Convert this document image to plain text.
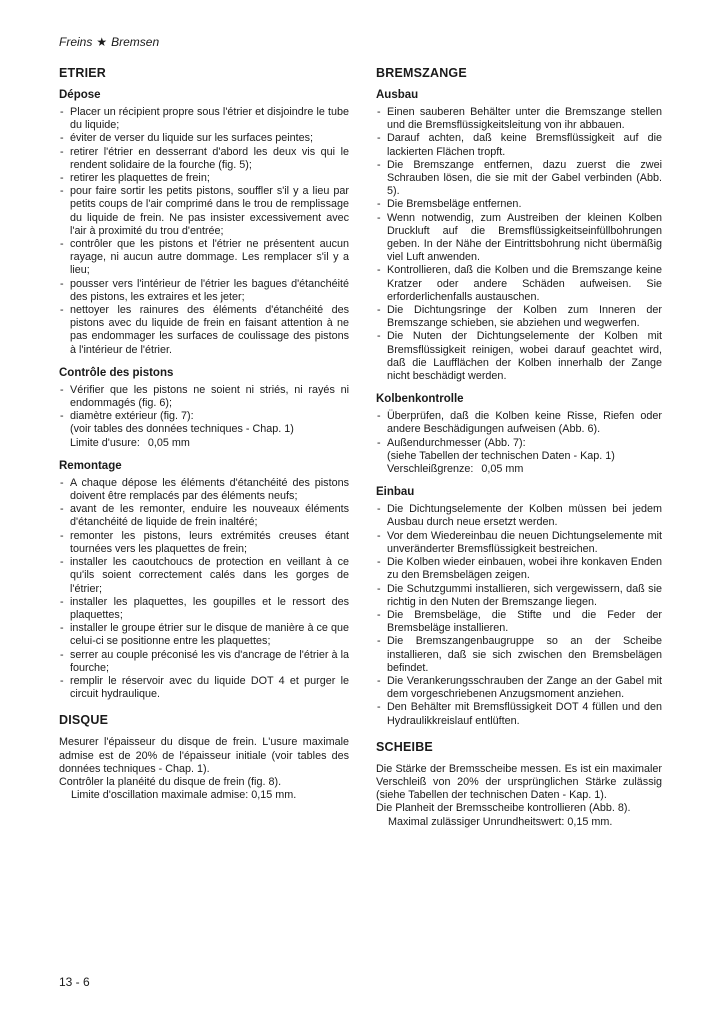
Freins ★ Bremsen
ETRIER
Dépose
- Placer un récipient propre sous l'étrier et disjoindre le tube du liquide;
- éviter de verser du liquide sur les surfaces peintes;
- retirer l'étrier en desserrant d'abord les deux vis qui le rendent solidaire de la fourche (fig. 5);
- retirer les plaquettes de frein;
- pour faire sortir les petits pistons, souffler s'il y a lieu par petits coups de l'air comprimé dans le trou de remplissage du liquide de frein. Ne pas insister excessivement avec l'air à proximité du trou d'entrée;
- contrôler que les pistons et l'étrier ne présentent aucun rayage, ni aucun autre dommage. Les remplacer s'il y a lieu;
- pousser vers l'intérieur de l'étrier les bagues d'étanchéité des pistons, les extraires et les jeter;
- nettoyer les rainures des éléments d'étanchéité des pistons avec du liquide de frein en faisant attention à ne pas endommager les surfaces de coulissage des pistons à l'intérieur de l'étrier.
Contrôle des pistons
- Vérifier que les pistons ne soient ni striés, ni rayés ni endommagés (fig. 6);
- diamètre extérieur (fig. 7):
(voir tables des données techniques - Chap. 1)
Limite d'usure: 0,05 mm
Remontage
- A chaque dépose les éléments d'étanchéité des pistons doivent être remplacés par des éléments neufs;
- avant de les remonter, enduire les nouveaux éléments d'étanchéité de liquide de frein inaltéré;
- remonter les pistons, leurs extrémités creuses étant tournées vers les plaquettes de frein;
- installer les caoutchoucs de protection en veillant à ce qu'ils soient correctement calés dans les gorges de l'étrier;
- installer les plaquettes, les goupilles et le ressort des plaquettes;
- installer le groupe étrier sur le disque de manière à ce que celui-ci se positionne entre les plaquettes;
- serrer au couple préconisé les vis d'ancrage de l'étrier à la fourche;
- remplir le réservoir avec du liquide DOT 4 et purger le circuit hydraulique.
DISQUE

Mesurer l'épaisseur du disque de frein. L'usure maximale admise est de 20% de l'épaisseur initiale (voir tables des données techniques - Chap. 1).

Contrôler la planéité du disque de frein (fig. 8).

Limite d'oscillation maximale admise: 0,15 mm.

BREMSZANGE
Ausbau
- Einen sauberen Behälter unter die Bremszange stellen und die Bremsflüssigkeitsleitung von ihr abbauen.
- Darauf achten, daß keine Bremsflüssigkeit auf die lackierten Flächen tropft.
- Die Bremszange entfernen, dazu zuerst die zwei Schrauben lösen, die sie mit der Gabel verbinden (Abb. 5).
- Die Bremsbeläge entfernen.
- Wenn notwendig, zum Austreiben der kleinen Kolben Druckluft auf die Bremsflüssigkeitseinfüllbohrungen geben. In der Nähe der Eintrittsbohrung nicht übermäßig viel Luft anwenden.
- Kontrollieren, daß die Kolben und die Bremszange keine Kratzer oder andere Schäden aufweisen. Sie erforderlichenfalls austauschen.
- Die Dichtungsringe der Kolben zum Inneren der Bremszange schieben, sie abziehen und wegwerfen.
- Die Nuten der Dichtungselemente der Kolben mit Bremsflüssigkeit reinigen, wobei darauf geachtet wird, daß die Laufflächen der Kolben innerhalb der Zange nicht beschädigt werden.
Kolbenkontrolle
- Überprüfen, daß die Kolben keine Risse, Riefen oder andere Beschädigungen aufweisen (Abb. 6).
- Außendurchmesser (Abb. 7):
(siehe Tabellen der technischen Daten - Kap. 1)
Verschleißgrenze: 0,05 mm
Einbau
- Die Dichtungselemente der Kolben müssen bei jedem Ausbau durch neue ersetzt werden.
- Vor dem Wiedereinbau die neuen Dichtungselemente mit unveränderter Bremsflüssigkeit bestreichen.
- Die Kolben wieder einbauen, wobei ihre konkaven Enden zu den Bremsbelägen zeigen.
- Die Schutzgummi installieren, sich vergewissern, daß sie richtig in den Nuten der Bremszange liegen.
- Die Bremsbeläge, die Stifte und die Feder der Bremsbeläge installieren.
- Die Bremszangenbaugruppe so an der Scheibe installieren, daß sie sich zwischen den Bremsbelägen befindet.
- Die Verankerungsschrauben der Zange an der Gabel mit dem vorgeschriebenen Anzugsmoment anziehen.
- Den Behälter mit Bremsflüssigkeit DOT 4 füllen und den Hydraulikkreislauf entlüften.
SCHEIBE

Die Stärke der Bremsscheibe messen. Es ist ein maximaler Verschleiß von 20% der ursprünglichen Stärke zulässig (siehe Tabellen der technischen Daten - Kap. 1).

Die Planheit der Bremsscheibe kontrollieren (Abb. 8).

Maximal zulässiger Unrundheitswert: 0,15 mm.

13 - 6
